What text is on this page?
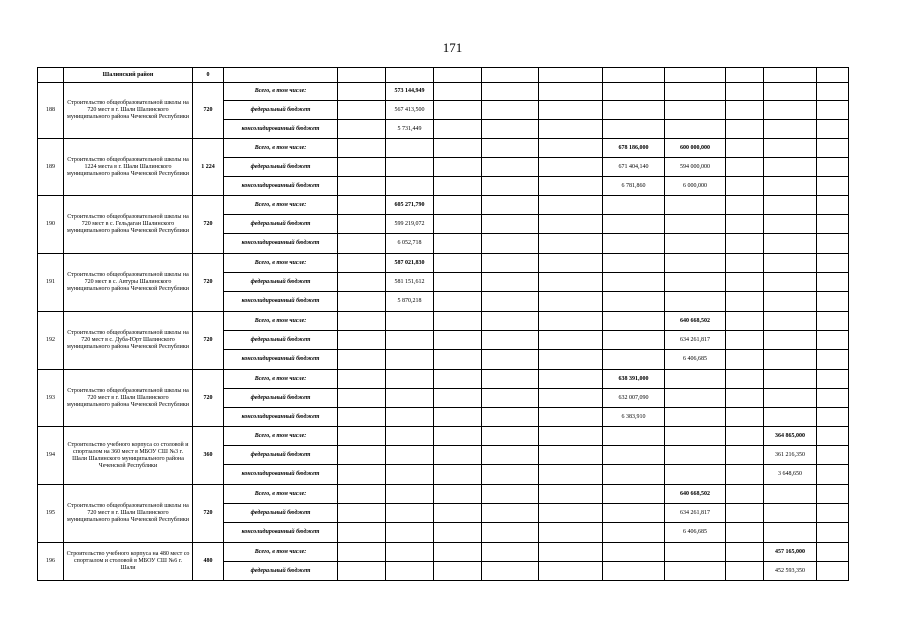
171
	Шалинский район	0											
188	Строительство общеобразовательной школы на 720 мест в г. Шали Шалинского муниципального района Чеченской Республики	720	Всего, в том числе:		573 144,949								
			федеральный бюджет		567 413,500								
			консолидированный бюджет		5 731,449								
189	Строительство общеобразовательной школы на 1224 места в г. Шали Шалинского муниципального района Чеченской Республики	1 224	Всего, в том числе:						678 186,000	600 000,000			
			федеральный бюджет						671 404,140	594 000,000			
			консолидированный бюджет						6 781,860	6 000,000			
190	Строительство общеобразовательной школы на 720 мест в с. Гельдаган Шалинского муниципального района Чеченской Республики	720	Всего, в том числе:		605 271,790								
			федеральный бюджет		599 219,072								
			консолидированный бюджет		6 052,718								
191	Строительство общеобразовательной школы на 720 мест в с. Автуры Шалинского муниципального района Чеченской Республики	720	Всего, в том числе:		587 021,830								
			федеральный бюджет		581 151,612								
			консолидированный бюджет		5 870,218								
192	Строительство общеобразовательной школы на 720 мест в с. Дуба-Юрт Шалинского муниципального района Чеченской Республики	720	Всего, в том числе:							640 668,502			
			федеральный бюджет							634 261,817			
			консолидированный бюджет							6 406,685			
193	Строительство общеобразовательной школы на 720 мест в г. Шали Шалинского муниципального района Чеченской Республики	720	Всего, в том числе:						638 391,000				
			федеральный бюджет						632 007,090				
			консолидированный бюджет						6 383,910				
194	Строительство учебного корпуса со столовой и спортзалом на 360 мест в МБОУ СШ №3 г. Шали Шалинского муниципального района Чеченской Республики	360	Всего, в том числе:									364 865,000	
			федеральный бюджет									361 216,350	
			консолидированный бюджет									3 648,650	
195	Строительство общеобразовательной школы на 720 мест в г. Шали Шалинского муниципального района Чеченской Республики	720	Всего, в том числе:							640 668,502			
			федеральный бюджет							634 261,817			
			консолидированный бюджет							6 406,685			
196	Строительство учебного корпуса на 480 мест со спортзалом и столовой в МБОУ СШ №6 г. Шали	480	Всего, в том числе:									457 165,000	
			федеральный бюджет									452 593,350	
